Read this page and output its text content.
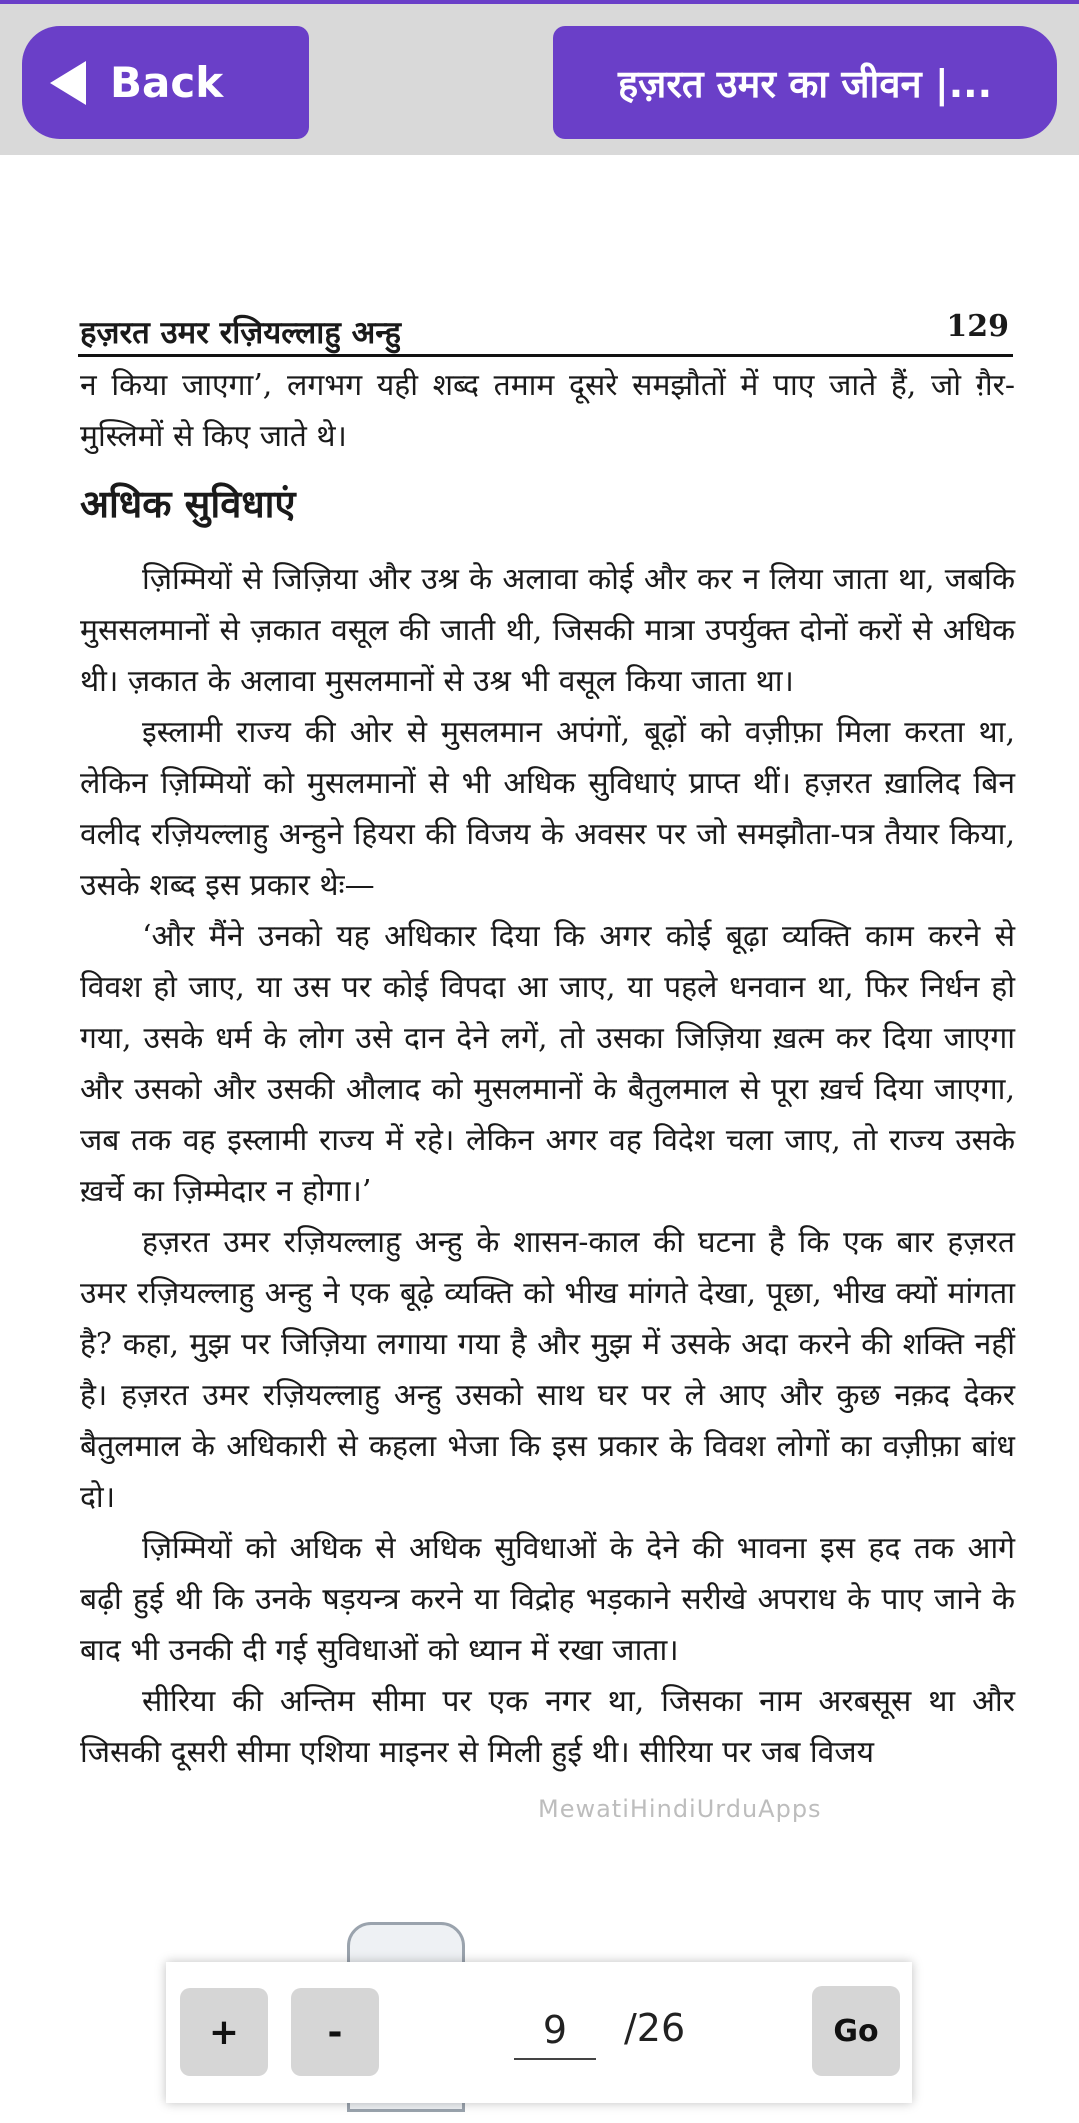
Back	हज़रत उमर का जीवन |...
हज़रत उमर रज़ियल्लाहु अन्हु	129

न किया जाएगा’, लगभग यही शब्द तमाम दूसरे समझौतों में पाए जाते हैं, जो ग़ैर-मुस्लिमों से किए जाते थे।

अधिक सुविधाएं

ज़िम्मियों से जिज़िया और उश्र के अलावा कोई और कर न लिया जाता था, जबकि मुससलमानों से ज़कात वसूल की जाती थी, जिसकी मात्रा उपर्युक्त दोनों करों से अधिक थी। ज़कात के अलावा मुसलमानों से उश्र भी वसूल किया जाता था।

इस्लामी राज्य की ओर से मुसलमान अपंगों, बूढ़ों को वज़ीफ़ा मिला करता था, लेकिन ज़िम्मियों को मुसलमानों से भी अधिक सुविधाएं प्राप्त थीं। हज़रत ख़ालिद बिन वलीद रज़ियल्लाहु अन्हुने हियरा की विजय के अवसर पर जो समझौता-पत्र तैयार किया, उसके शब्द इस प्रकार थेः—

‘और मैंने उनको यह अधिकार दिया कि अगर कोई बूढ़ा व्यक्ति काम करने से विवश हो जाए, या उस पर कोई विपदा आ जाए, या पहले धनवान था, फिर निर्धन हो गया, उसके धर्म के लोग उसे दान देने लगें, तो उसका जिज़िया ख़त्म कर दिया जाएगा और उसको और उसकी औलाद को मुसलमानों के बैतुलमाल से पूरा ख़र्च दिया जाएगा, जब तक वह इस्लामी राज्य में रहे। लेकिन अगर वह विदेश चला जाए, तो राज्य उसके ख़र्चे का ज़िम्मेदार न होगा।’

हज़रत उमर रज़ियल्लाहु अन्हु के शासन-काल की घटना है कि एक बार हज़रत उमर रज़ियल्लाहु अन्हु ने एक बूढ़े व्यक्ति को भीख मांगते देखा, पूछा, भीख क्यों मांगता है? कहा, मुझ पर जिज़िया लगाया गया है और मुझ में उसके अदा करने की शक्ति नहीं है। हज़रत उमर रज़ियल्लाहु अन्हु उसको साथ घर पर ले आए और कुछ नक़द देकर बैतुलमाल के अधिकारी से कहला भेजा कि इस प्रकार के विवश लोगों का वज़ीफ़ा बांध दो।

ज़िम्मियों को अधिक से अधिक सुविधाओं के देने की भावना इस हद तक आगे बढ़ी हुई थी कि उनके षड़यन्त्र करने या विद्रोह भड़काने सरीखे अपराध के पाए जाने के बाद भी उनकी दी गई सुविधाओं को ध्यान में रखा जाता।

सीरिया की अन्तिम सीमा पर एक नगर था, जिसका नाम अरबसूस था और जिसकी दूसरी सीमा एशिया माइनर से मिली हुई थी। सीरिया पर जब विजय

MewatiHindiUrduApps
+	-
9	/26	Go
